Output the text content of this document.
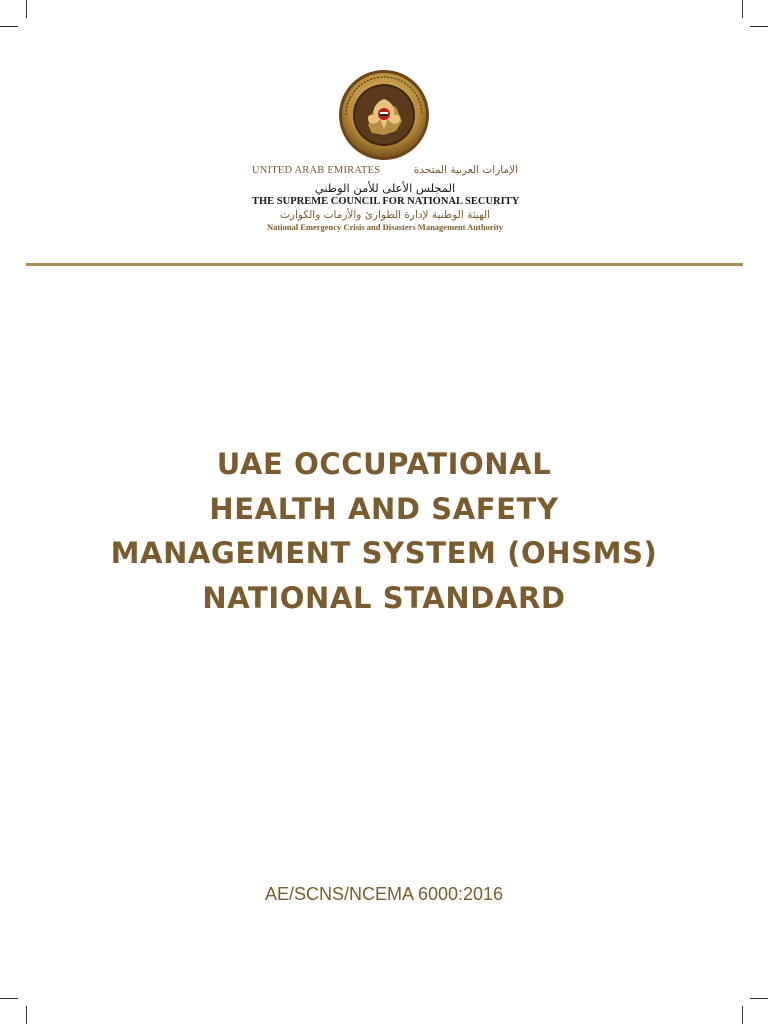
UNITED ARAB EMIRATES	الإمارات العربية المتحدة
المجلس الأعلى للأمن الوطني
THE SUPREME COUNCIL FOR NATIONAL SECURITY
الهيئة الوطنية لإدارة الطوارئ والأزمات والكوارث
National Emergency Crisis and Disasters Management Authority
UAE OCCUPATIONAL
HEALTH AND SAFETY
MANAGEMENT SYSTEM (OHSMS)
NATIONAL STANDARD
AE/SCNS/NCEMA 6000:2016
